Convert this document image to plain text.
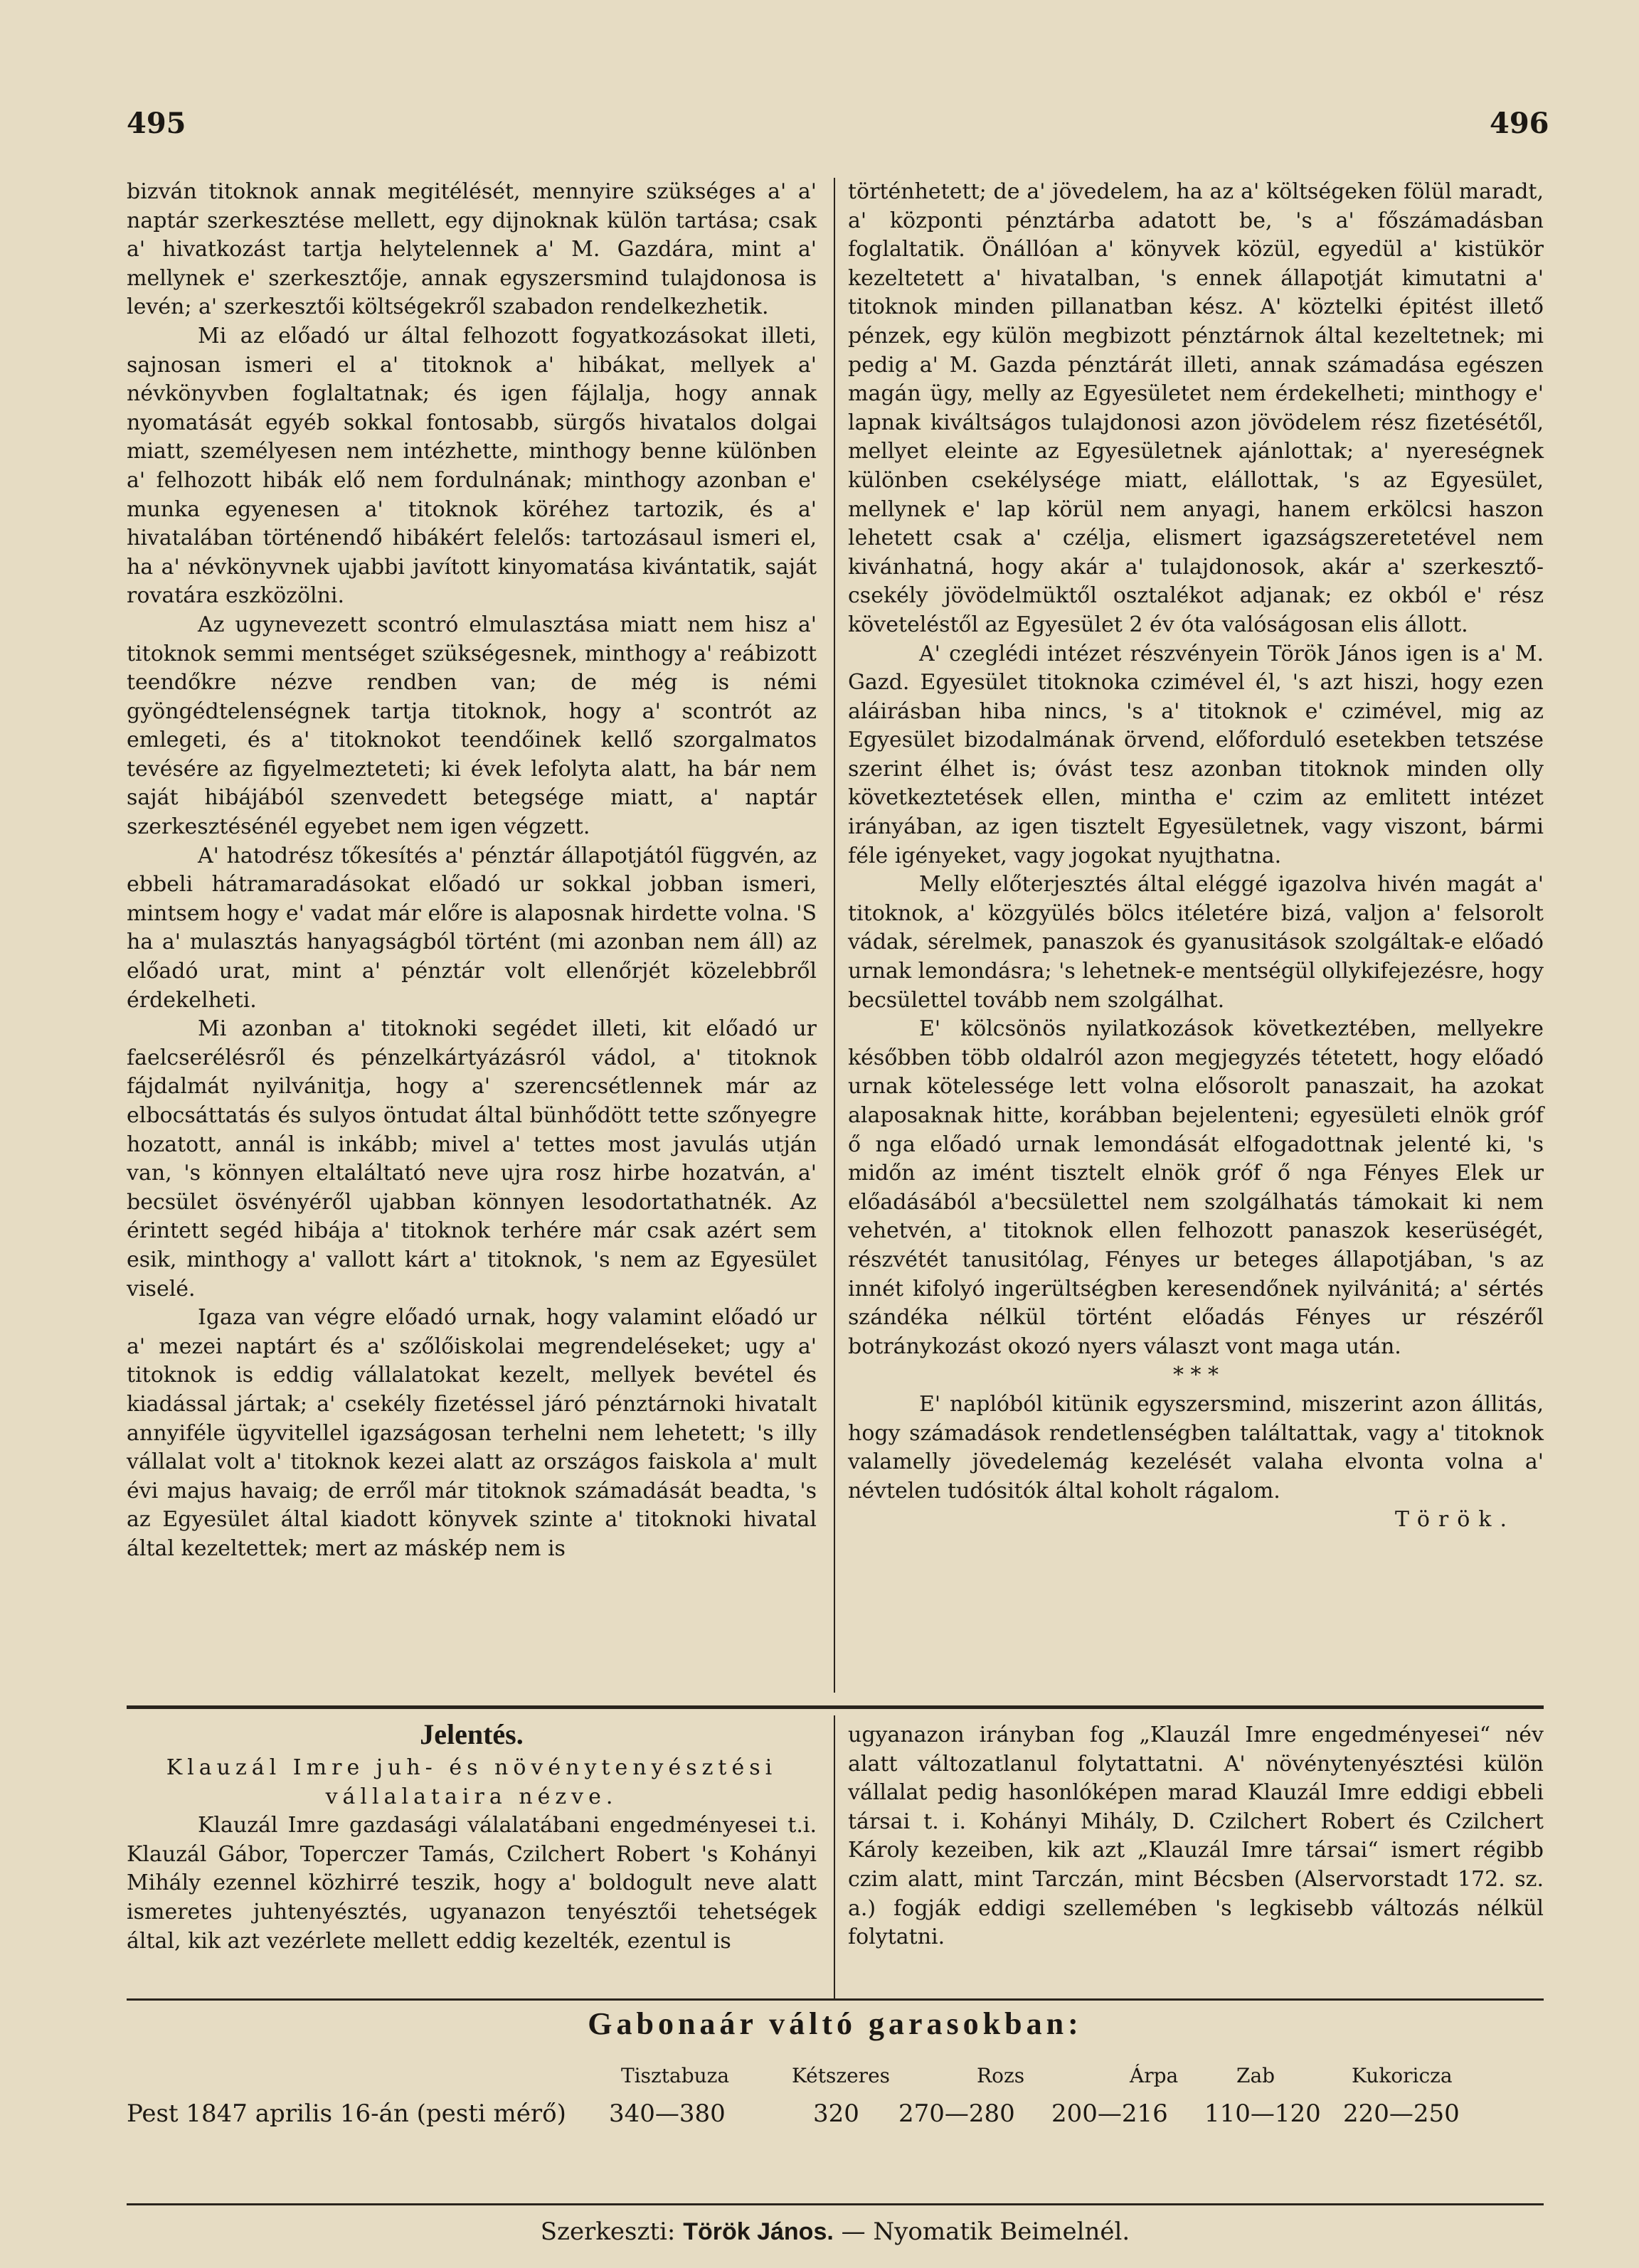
495	496

bizván titoknok annak megitélését, mennyire szükséges a' a' naptár szerkesztése mellett, egy dijnoknak külön tartása; csak a' hivatkozást tartja helytelennek a' M. Gazdára, mint a' mellynek e' szerkesztője, annak egyszersmind tulajdonosa is levén; a' szerkesztői költségekről szabadon rendelkezhetik.

Mi az előadó ur által felhozott fogyatkozásokat illeti, sajnosan ismeri el a' titoknok a' hibákat, mellyek a' névkönyvben foglaltatnak; és igen fájlalja, hogy annak nyomatását egyéb sokkal fontosabb, sürgős hivatalos dolgai miatt, személyesen nem intézhette, minthogy benne különben a' felhozott hibák elő nem fordulnának; minthogy azonban e' munka egyenesen a' titoknok köréhez tartozik, és a' hivatalában történendő hibákért felelős: tartozásaul ismeri el, ha a' névkönyvnek ujabbi javított kinyomatása kivántatik, saját rovatára eszközölni.

Az ugynevezett scontró elmulasztása miatt nem hisz a' titoknok semmi mentséget szükségesnek, minthogy a' reábizott teendőkre nézve rendben van; de még is némi gyöngédtelenségnek tartja titoknok, hogy a' scontrót az emlegeti, és a' titoknokot teendőinek kellő szorgalmatos tevésére az figyelmezteteti; ki évek lefolyta alatt, ha bár nem saját hibájából szenvedett betegsége miatt, a' naptár szerkesztésénél egyebet nem igen végzett.

A' hatodrész tőkesítés a' pénztár állapotjától függvén, az ebbeli hátramaradásokat előadó ur sokkal jobban ismeri, mintsem hogy e' vadat már előre is alaposnak hirdette volna. 'S ha a' mulasztás hanyagságból történt (mi azonban nem áll) az előadó urat, mint a' pénztár volt ellenőrjét közelebbről érdekelheti.

Mi azonban a' titoknoki segédet illeti, kit előadó ur faelcserélésről és pénzelkártyázásról vádol, a' titoknok fájdalmát nyilvánitja, hogy a' szerencsétlennek már az elbocsáttatás és sulyos öntudat által bünhődött tette szőnyegre hozatott, annál is inkább; mivel a' tettes most javulás utján van, 's könnyen eltaláltató neve ujra rosz hirbe hozatván, a' becsület ösvényéről ujabban könnyen lesodortathatnék. Az érintett segéd hibája a' titoknok terhére már csak azért sem esik, minthogy a' vallott kárt a' titoknok, 's nem az Egyesület viselé.

Igaza van végre előadó urnak, hogy valamint előadó ur a' mezei naptárt és a' szőlőiskolai megrendeléseket; ugy a' titoknok is eddig vállalatokat kezelt, mellyek bevétel és kiadással jártak; a' csekély fizetéssel járó pénztárnoki hivatalt annyiféle ügyvitellel igazságosan terhelni nem lehetett; 's illy vállalat volt a' titoknok kezei alatt az országos faiskola a' mult évi majus havaig; de erről már titoknok számadását beadta, 's az Egyesület által kiadott könyvek szinte a' titoknoki hivatal által kezeltettek; mert az máskép nem is

történhetett; de a' jövedelem, ha az a' költségeken fölül maradt, a' központi pénztárba adatott be, 's a' főszámadásban foglaltatik. Önállóan a' könyvek közül, egyedül a' kistükör kezeltetett a' hivatalban, 's ennek állapotját kimutatni a' titoknok minden pillanatban kész. A' köztelki épitést illető pénzek, egy külön megbizott pénztárnok által kezeltetnek; mi pedig a' M. Gazda pénztárát illeti, annak számadása egészen magán ügy, melly az Egyesületet nem érdekelheti; minthogy e' lapnak kiváltságos tulajdonosi azon jövödelem rész fizetésétől, mellyet eleinte az Egyesületnek ajánlottak; a' nyereségnek különben csekélysége miatt, elállottak, 's az Egyesület, mellynek e' lap körül nem anyagi, hanem erkölcsi haszon lehetett csak a' czélja, elismert igazságszeretetével nem kivánhatná, hogy akár a' tulajdonosok, akár a' szerkesztő-csekély jövödelmüktől osztalékot adjanak; ez okból e' rész követeléstől az Egyesület 2 év óta valóságosan elis állott.

A' czeglédi intézet részvényein Török János igen is a' M. Gazd. Egyesület titoknoka czimével él, 's azt hiszi, hogy ezen aláirásban hiba nincs, 's a' titoknok e' czimével, mig az Egyesület bizodalmának örvend, előforduló esetekben tetszése szerint élhet is; óvást tesz azonban titoknok minden olly következtetések ellen, mintha e' czim az emlitett intézet irányában, az igen tisztelt Egyesületnek, vagy viszont, bármi féle igényeket, vagy jogokat nyujthatna.

Melly előterjesztés által eléggé igazolva hivén magát a' titoknok, a' közgyülés bölcs itéletére bizá, valjon a' felsorolt vádak, sérelmek, panaszok és gyanusitások szolgáltak-e előadó urnak lemondásra; 's lehetnek-e mentségül ollykifejezésre, hogy becsülettel tovább nem szolgálhat.

E' kölcsönös nyilatkozások következtében, mellyekre későbben több oldalról azon megjegyzés tétetett, hogy előadó urnak kötelessége lett volna elősorolt panaszait, ha azokat alaposaknak hitte, korábban bejelenteni; egyesületi elnök gróf ő nga előadó urnak lemondását elfogadottnak jelenté ki, 's midőn az imént tisztelt elnök gróf ő nga Fényes Elek ur előadásából a'becsülettel nem szolgálhatás támokait ki nem vehetvén, a' titoknok ellen felhozott panaszok keserüségét, részvétét tanusitólag, Fényes ur beteges állapotjában, 's az innét kifolyó ingerültségben keresendőnek nyilvánitá; a' sértés szándéka nélkül történt előadás Fényes ur részéről botránykozást okozó nyers választ vont maga után.

* * *

E' naplóból kitünik egyszersmind, miszerint azon állitás, hogy számadások rendetlenségben találtattak, vagy a' titoknok valamelly jövedelemág kezelését valaha elvonta volna a' névtelen tudósitók által koholt rágalom.

Török.

Jelentés.

Klauzál Imre juh- és növénytenyésztési

vállalataira nézve.

Klauzál Imre gazdasági válalatábani engedményesei t.i. Klauzál Gábor, Toperczer Tamás, Czilchert Robert 's Kohányi Mihály ezennel közhirré teszik, hogy a' boldogult neve alatt ismeretes juhtenyésztés, ugyanazon tenyésztői tehetségek által, kik azt vezérlete mellett eddig kezelték, ezentul is

ugyanazon irányban fog „Klauzál Imre engedményesei“ név alatt változatlanul folytattatni. A' növénytenyésztési külön vállalat pedig hasonlóképen marad Klauzál Imre eddigi ebbeli társai t. i. Kohányi Mihály, D. Czilchert Robert és Czilchert Károly kezeiben, kik azt „Klauzál Imre társai“ ismert régibb czim alatt, mint Tarczán, mint Bécsben (Alservorstadt 172. sz. a.) fogják eddigi szellemében 's legkisebb változás nélkül folytatni.

Gabonaár váltó garasokban:
Tisztabuza	Kétszeres	Rozs	Árpa	Zab	Kukoricza
Pest 1847 aprilis 16-án (pesti mérő) 340—380	320 270—280 200—216 110—120 220—250
Szerkeszti: Török János. — Nyomatik Beimelnél.
